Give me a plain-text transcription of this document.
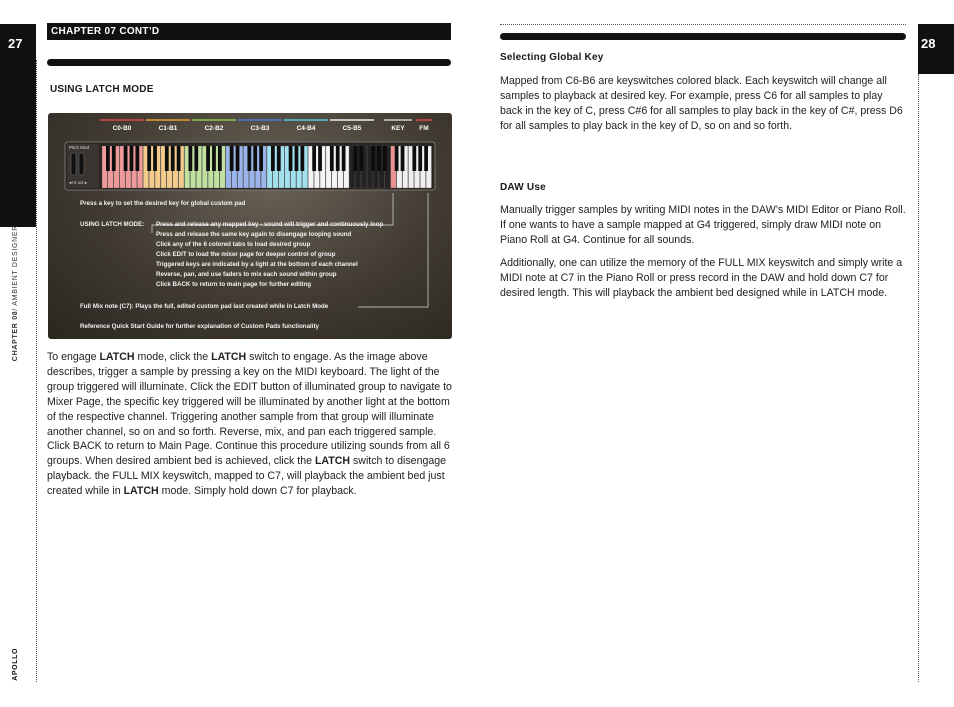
27
CHAPTER 08/ AMBIENT DESIGNER
APOLLO
CHAPTER 07 CONT’D
USING LATCH MODE
C0-B0	C1-B1	C2-B2	C3-B3	C4-B4	C5-B5	KEY FM
Pitch Mod
◂+2 oct ▸
Press a key to set the desired key for global custom pad
USING LATCH MODE: Press and release any mapped key - sound will trigger and continuously loop
Press and release the same key again to disengage looping sound
Click any of the 6 colored tabs to load desired group
Click EDIT to load the mixer page for deeper control of group
Triggered keys are indicated by a light at the bottom of each channel
Reverse, pan, and use faders to mix each sound within group
Click BACK to return to main page for further editing
Full Mix note (C7): Plays the full, edited custom pad last created while in Latch Mode
Reference Quick Start Guide for further explanation of Custom Pads functionality
To engage LATCH mode, click the LATCH switch to engage. As the image above describes, trigger a sample by pressing a key on the MIDI keyboard. The light of the group triggered will illuminate. Click the EDIT button of illuminated group to navigate to Mixer Page, the specific key triggered will be illuminated by another light at the bottom of the respective channel. Triggering another sample from that group will illuminate another channel, so on and so forth. Reverse, mix, and pan each triggered sample. Click BACK to return to Main Page. Continue this procedure utilizing sounds from all 6 groups. When desired ambient bed is achieved, click the LATCH switch to disengage playback. the FULL MIX keyswitch, mapped to C7, will playback the ambient bed just created while in LATCH mode. Simply hold down C7 for playback.
28
Selecting Global Key
Mapped from C6-B6 are keyswitches colored black. Each keyswitch will change all samples to playback at desired key. For example, press C6 for all samples to play back in the key of C, press C#6 for all samples to play back in the key of C#, press D6 for all samples to play back in the key of D, so on and so forth.
DAW Use
Manually trigger samples by writing MIDI notes in the DAW’s MIDI Editor or Piano Roll. If one wants to have a sample mapped at G4 triggered, simply draw MIDI note on Piano Roll at G4. Continue for all sounds.
Additionally, one can utilize the memory of the FULL MIX keyswitch and simply write a MIDI note at C7 in the Piano Roll or press record in the DAW and hold down C7 for desired length. This will playback the ambient bed designed while in LATCH mode.
